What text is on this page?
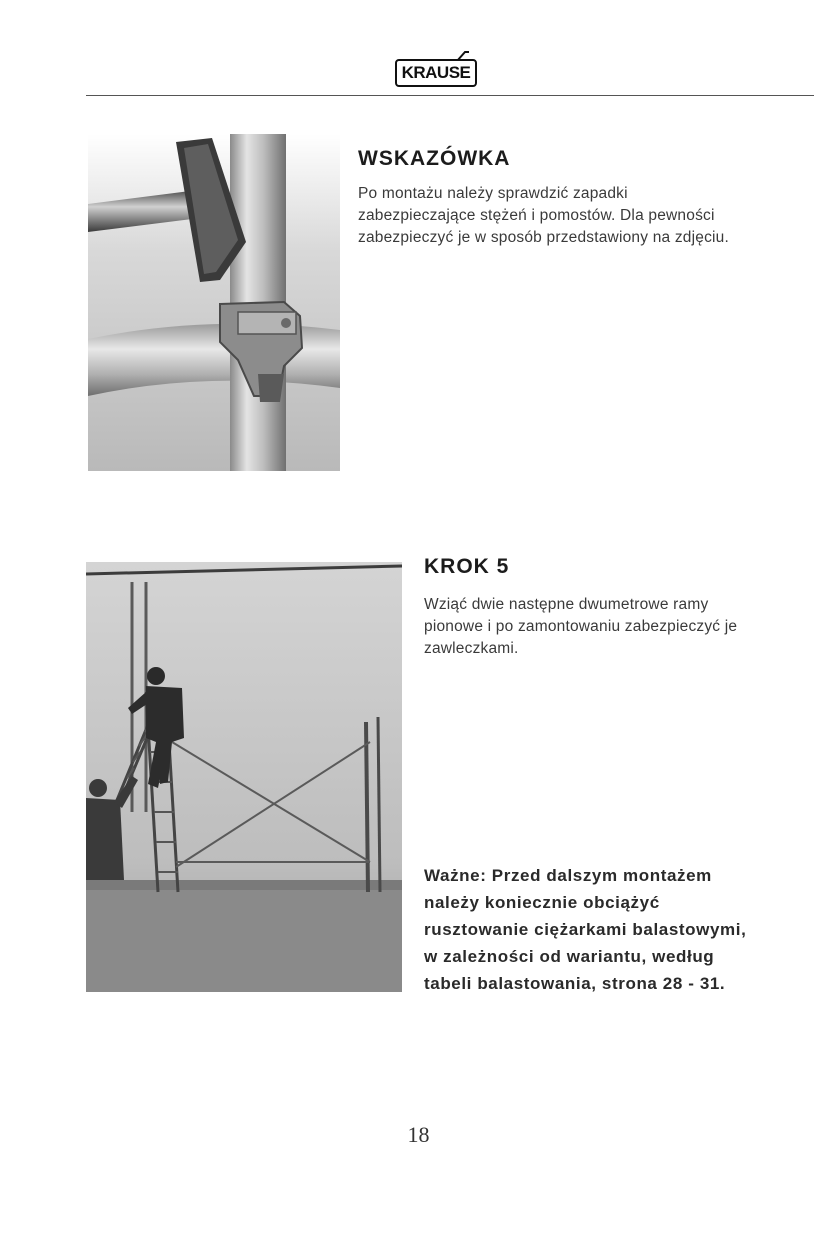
KRAUSE
WSKAZÓWKA
Po montażu należy sprawdzić zapadki
zabezpieczające stężeń i pomostów. Dla pewności
zabezpieczyć je w sposób przedstawiony na zdjęciu.
KROK 5
Wziąć dwie następne dwumetrowe ramy
pionowe i po zamontowaniu zabezpieczyć je
zawleczkami.
Ważne: Przed dalszym montażem
należy koniecznie obciążyć
rusztowanie ciężarkami balastowymi,
w zależności od wariantu, według
tabeli balastowania, strona 28 - 31.
18
